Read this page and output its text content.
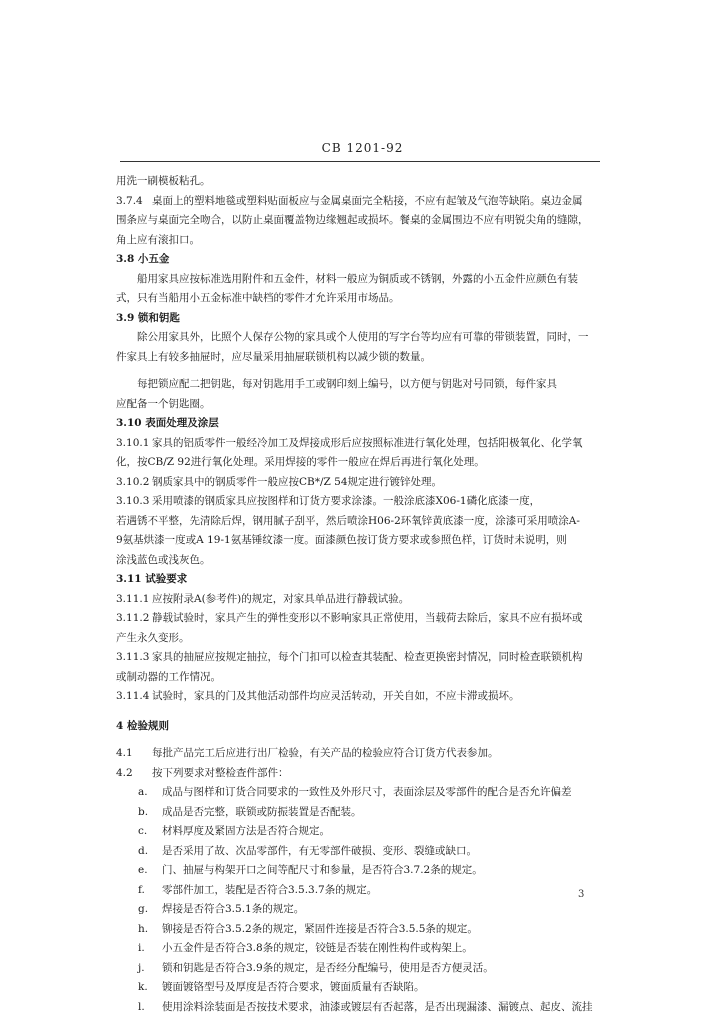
CB 1201-92

用洗一刷模板粘孔。

3.7.4 桌面上的塑料地毯或塑料贴面板应与金属桌面完全粘接，不应有起皱及气泡等缺陷。桌边金属

围条应与桌面完全吻合，以防止桌面覆盖物边缘翘起或损坏。餐桌的金属围边不应有明锐尖角的缝隙，

角上应有滚扣口。

3.8 小五金

船用家具应按标准选用附件和五金件，材料一般应为铜质或不锈钢，外露的小五金件应颜色有装

式，只有当船用小五金标准中缺档的零件才允许采用市场品。

3.9 锁和钥匙

除公用家具外，比照个人保存公物的家具或个人使用的写字台等均应有可靠的带锁装置，同时，一

件家具上有较多抽屉时，应尽量采用抽屉联锁机构以减少锁的数量。

每把锁应配二把钥匙，每对钥匙用手工或钢印刻上编号，以方便与钥匙对号同锁，每件家具

应配备一个钥匙圈。

3.10 表面处理及涂层

3.10.1 家具的铝质零件一般经冷加工及焊接成形后应按照标准进行氧化处理，包括阳极氧化、化学氧

化，按CB/Z 92进行氧化处理。采用焊接的零件一般应在焊后再进行氧化处理。

3.10.2 钢质家具中的钢质零件一般应按CB*/Z 54规定进行镀锌处理。

3.10.3 采用喷漆的钢质家具应按图样和订货方要求涂漆。一般涂底漆X06-1磷化底漆一度，

若遇锈不平整，先清除后焊，钢用腻子刮平，然后喷涂H06-2环氧锌黄底漆一度，涂漆可采用喷涂A-

9氨基烘漆一度或A 19-1氨基锤纹漆一度。面漆颜色按订货方要求或参照色样，订货时未说明，则

涂浅蓝色或浅灰色。

3.11 试验要求

3.11.1 应按附录A(参考件)的规定，对家具单品进行静载试验。

3.11.2 静载试验时，家具产生的弹性变形以不影响家具正常使用，当载荷去除后，家具不应有损坏或

产生永久变形。

3.11.3 家具的抽屉应按规定抽拉，每个门扣可以检查其装配、检查更换密封情况，同时检查联锁机构

或制动器的工作情况。

3.11.4 试验时，家具的门及其他活动部件均应灵活转动，开关自如，不应卡滞或损坏。

4 检验规则

4.1 每批产品完工后应进行出厂检验，有关产品的检验应符合订货方代表参加。

4.2 按下列要求对整检查件部件：

a. 成品与图样和订货合同要求的一致性及外形尺寸，表面涂层及零部件的配合是否允许偏差
b. 成品是否完整，联锁或防振装置是否配装。
c. 材料厚度及紧固方法是否符合规定。
d. 是否采用了故、次品零部件，有无零部件破损、变形、裂缝或缺口。
e. 门、抽屉与构架开口之间等配尺寸和参量，是否符合3.7.2条的规定。
f. 零部件加工，装配是否符合3.5.3.7条的规定。
g. 焊接是否符合3.5.1条的规定。
h. 铆接是否符合3.5.2条的规定，紧固件连接是否符合3.5.5条的规定。
i. 小五金件是否符合3.8条的规定，铰链是否装在刚性构件或构架上。
j. 锁和钥匙是否符合3.9条的规定，是否经分配编号，使用是否方便灵活。
k. 镀面镀铬型号及厚度是否符合要求，镀面质量有否缺陷。
l. 使用涂料涂装面是否按技术要求，油漆或镀层有否起落，是否出现漏漆、漏镀点、起皮、流挂
3
